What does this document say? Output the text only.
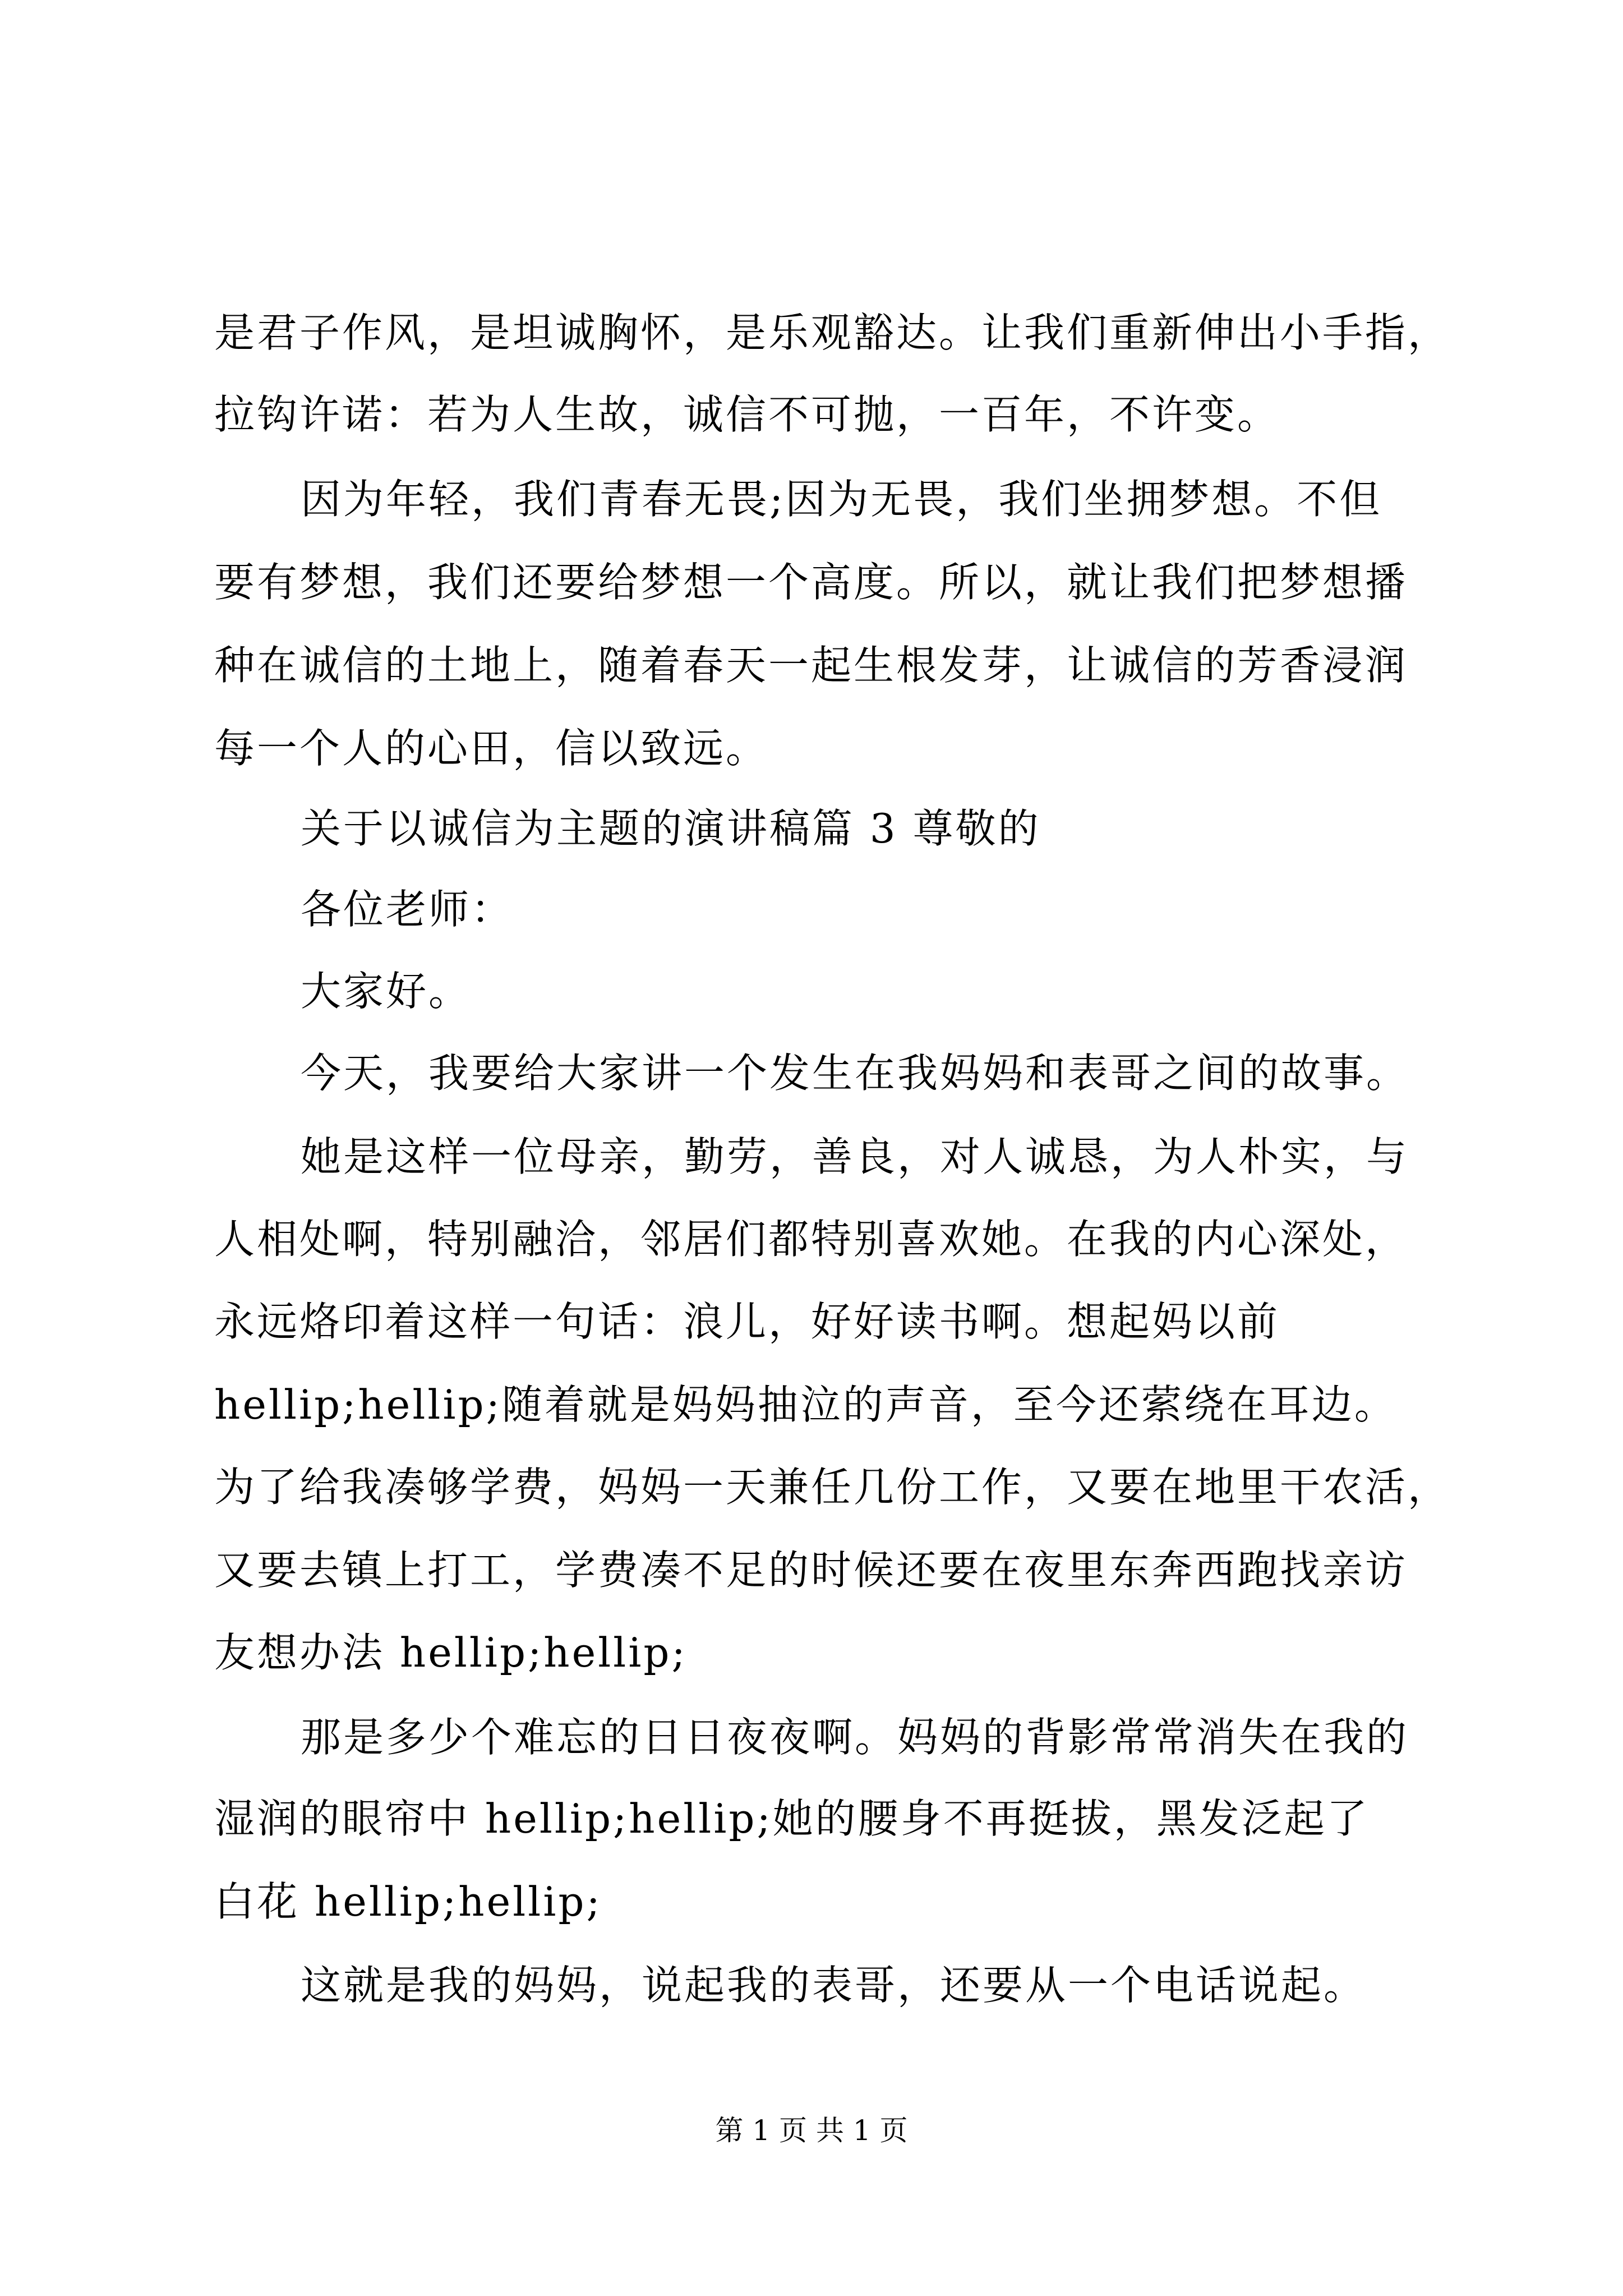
是君子作风，是坦诚胸怀，是乐观豁达。让我们重新伸出小手指，
拉钩许诺：若为人生故，诚信不可抛，一百年，不许变。
因为年轻，我们青春无畏;因为无畏，我们坐拥梦想。不但
要有梦想，我们还要给梦想一个高度。所以，就让我们把梦想播
种在诚信的土地上，随着春天一起生根发芽，让诚信的芳香浸润
每一个人的心田，信以致远。
关于以诚信为主题的演讲稿篇 3 尊敬的
各位老师：
大家好。
今天，我要给大家讲一个发生在我妈妈和表哥之间的故事。
她是这样一位母亲，勤劳，善良，对人诚恳，为人朴实，与
人相处啊，特别融洽，邻居们都特别喜欢她。在我的内心深处，
永远烙印着这样一句话：浪儿，好好读书啊。想起妈以前
hellip;hellip;随着就是妈妈抽泣的声音，至今还萦绕在耳边。
为了给我凑够学费，妈妈一天兼任几份工作，又要在地里干农活，
又要去镇上打工，学费凑不足的时候还要在夜里东奔西跑找亲访
友想办法 hellip;hellip;
那是多少个难忘的日日夜夜啊。妈妈的背影常常消失在我的
湿润的眼帘中 hellip;hellip;她的腰身不再挺拔，黑发泛起了
白花 hellip;hellip;
这就是我的妈妈，说起我的表哥，还要从一个电话说起。
第 1 页 共 1 页
